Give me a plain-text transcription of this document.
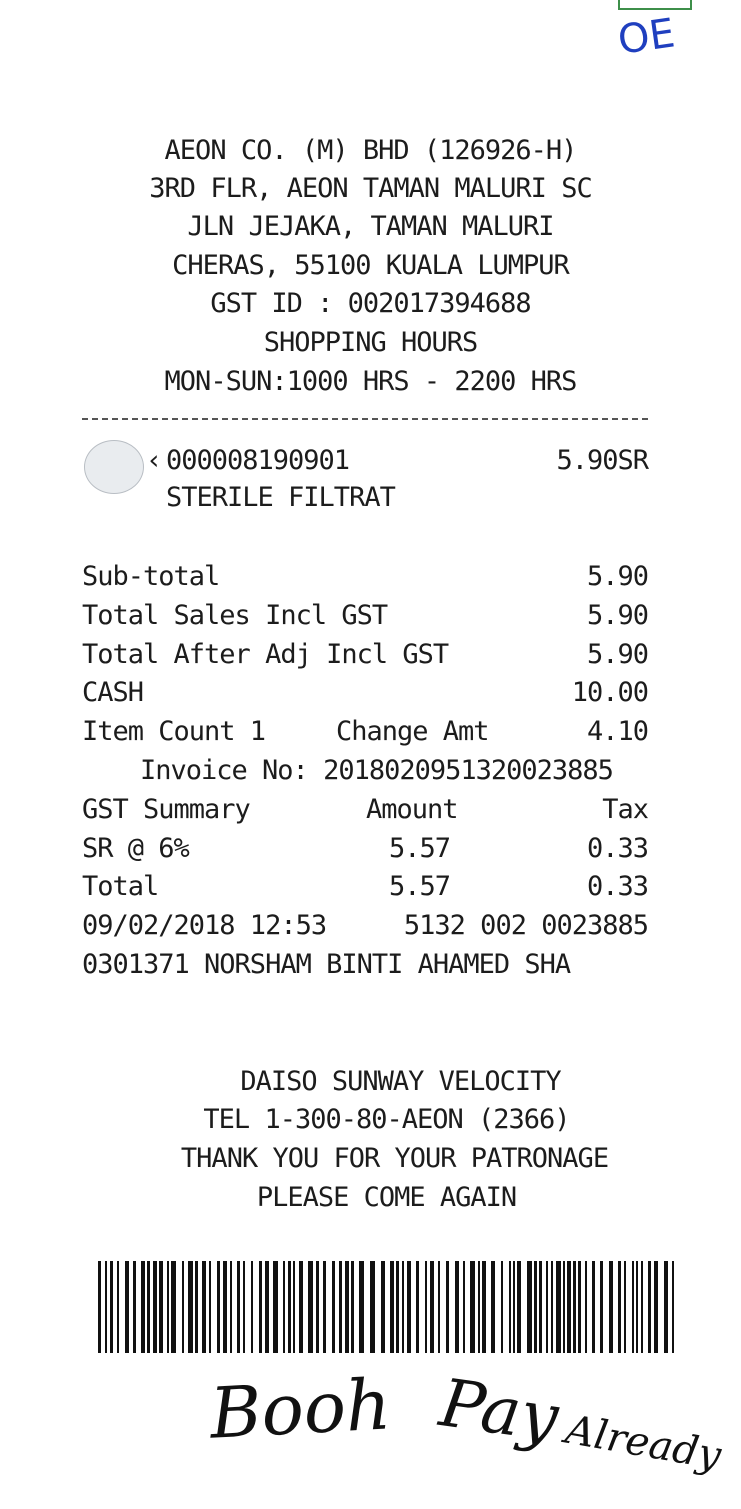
OE
AEON CO. (M) BHD (126926-H)
3RD FLR, AEON TAMAN MALURI SC
JLN JEJAKA, TAMAN MALURI
CHERAS, 55100 KUALA LUMPUR
GST ID : 002017394688
SHOPPING HOURS
MON-SUN:1000 HRS - 2200 HRS
‹ 000008190901	5.90SR
STERILE FILTRAT
Sub-total	5.90
Total Sales Incl GST	5.90
Total After Adj Incl GST	5.90
CASH	10.00
Item Count 1	Change Amt	4.10
Invoice No: 2018020951320023885
GST Summary	Amount	Tax
SR @ 6%	5.57	0.33
Total	5.57	0.33
09/02/2018 12:53	5132 002 0023885
0301371 NORSHAM BINTI AHAMED SHA
DAISO SUNWAY VELOCITY
TEL 1-300-80-AEON (2366)
THANK YOU FOR YOUR PATRONAGE
PLEASE COME AGAIN
Booh Pay Already
